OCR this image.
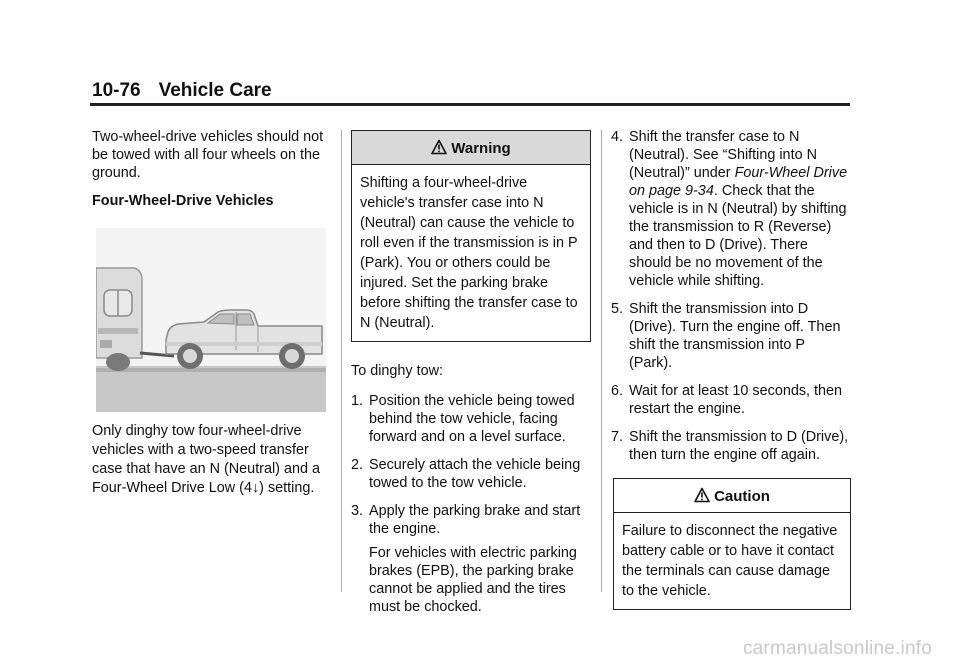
10-76 Vehicle Care

Two-wheel-drive vehicles should not be towed with all four wheels on the ground.

Four-Wheel-Drive Vehicles

Only dinghy tow four-wheel-drive vehicles with a two-speed transfer case that have an N (Neutral) and a Four-Wheel Drive Low (4↓) setting.

Warning
Shifting a four-wheel-drive vehicle's transfer case into N (Neutral) can cause the vehicle to roll even if the transmission is in P (Park). You or others could be injured. Set the parking brake before shifting the transfer case to N (Neutral).

To dinghy tow:

1. Position the vehicle being towed behind the tow vehicle, facing forward and on a level surface.
2. Securely attach the vehicle being towed to the tow vehicle.
3. Apply the parking brake and start the engine.
For vehicles with electric parking brakes (EPB), the parking brake cannot be applied and the tires must be chocked.
4. Shift the transfer case to N (Neutral). See “Shifting into N (Neutral)” under Four-Wheel Drive on page 9-34. Check that the vehicle is in N (Neutral) by shifting the transmission to R (Reverse) and then to D (Drive). There should be no movement of the vehicle while shifting.
5. Shift the transmission into D (Drive). Turn the engine off. Then shift the transmission into P (Park).
6. Wait for at least 10 seconds, then restart the engine.
7. Shift the transmission to D (Drive), then turn the engine off again.
Caution
Failure to disconnect the negative battery cable or to have it contact the terminals can cause damage to the vehicle.
carmanualsonline.info
